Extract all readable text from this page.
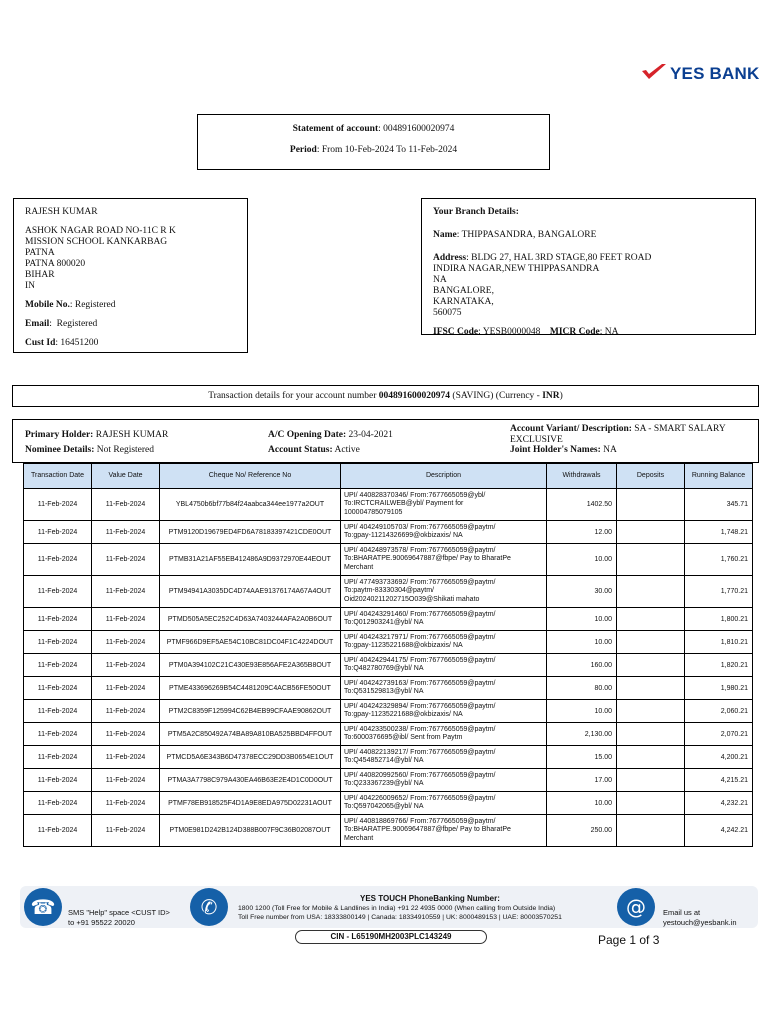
YES BANK
Statement of account: 004891600020974
Period: From 10-Feb-2024 To 11-Feb-2024
RAJESH KUMAR
ASHOK NAGAR ROAD NO-11C R K
MISSION SCHOOL KANKARBAG
PATNA
PATNA 800020
BIHAR
IN
Mobile No.: Registered
Email:  Registered
Cust Id: 16451200
Your Branch Details:
Name: THIPPASANDRA, BANGALORE
Address: BLDG 27, HAL 3RD STAGE,80 FEET ROAD
INDIRA NAGAR,NEW THIPPASANDRA
NA
BANGALORE,
KARNATAKA,
560075
IFSC Code: YESB0000048 MICR Code: NA
Transaction details for your account number 004891600020974 (SAVING) (Currency - INR)
Primary Holder: RAJESH KUMAR
Nominee Details: Not Registered
A/C Opening Date: 23-04-2021
Account Status: Active
Account Variant/ Description: SA - SMART SALARY
EXCLUSIVE
Joint Holder's Names: NA
Transaction Date	Value Date	Cheque No/ Reference No	Description	Withdrawals	Deposits	Running Balance
11-Feb-2024	11-Feb-2024	YBL4750b6bf77b84f24aabca344ee1977a2OUT	UPI/ 440828370346/ From:7677665059@ybl/
To:IRCTCRAILWEB@ybl/ Payment for
100004785079105	1402.50		345.71
11-Feb-2024	11-Feb-2024	PTM9120D19679ED4FD6A78183397421CDE0OUT	UPI/ 404249105703/ From:7677665059@paytm/
To:gpay-11214326699@okbizaxis/ NA	12.00		1,748.21
11-Feb-2024	11-Feb-2024	PTMB31A21AF55EB412486A9D9372970E44EOUT	UPI/ 404248973578/ From:7677665059@paytm/
To:BHARATPE.90069647887@fbpe/ Pay to BharatPe
Merchant	10.00		1,760.21
11-Feb-2024	11-Feb-2024	PTM94941A3035DC4D74AAE91376174A67A4OUT	UPI/ 477493733692/ From:7677665059@paytm/
To:paytm-83330304@paytm/
Oid20240211202715O039@Shikati mahato	30.00		1,770.21
11-Feb-2024	11-Feb-2024	PTMD505A5EC252C4D63A7403244AFA2A0B6OUT	UPI/ 404243291460/ From:7677665059@paytm/
To:Q012903241@ybl/ NA	10.00		1,800.21
11-Feb-2024	11-Feb-2024	PTMF966D9EF5AE54C10BC81DC04F1C4224DOUT	UPI/ 404243217971/ From:7677665059@paytm/
To:gpay-11235221688@okbizaxis/ NA	10.00		1,810.21
11-Feb-2024	11-Feb-2024	PTM0A394102C21C430E93E856AFE2A365B8OUT	UPI/ 404242944175/ From:7677665059@paytm/
To:Q482780769@ybl/ NA	160.00		1,820.21
11-Feb-2024	11-Feb-2024	PTME433696269B54C4481209C4ACB56FE50OUT	UPI/ 404242739163/ From:7677665059@paytm/
To:Q531529813@ybl/ NA	80.00		1,980.21
11-Feb-2024	11-Feb-2024	PTM2C8359F125994C62B4EB99CFAAE90862OUT	UPI/ 404242329894/ From:7677665059@paytm/
To:gpay-11235221688@okbizaxis/ NA	10.00		2,060.21
11-Feb-2024	11-Feb-2024	PTM5A2C850492A74BA89A810BA525BBD4FFOUT	UPI/ 404233500238/ From:7677665059@paytm/
To:6000376695@ibl/ Sent from Paytm	2,130.00		2,070.21
11-Feb-2024	11-Feb-2024	PTMCD5A6E343B6D47378ECC29DD3B0654E1OUT	UPI/ 440822139217/ From:7677665059@paytm/
To:Q454852714@ybl/ NA	15.00		4,200.21
11-Feb-2024	11-Feb-2024	PTMA3A7798C979A430EA46B63E2E4D1C0D0OUT	UPI/ 440820992560/ From:7677665059@paytm/
To:Q233367239@ybl/ NA	17.00		4,215.21
11-Feb-2024	11-Feb-2024	PTMF78EB918525F4D1A9E8EDA975D02231AOUT	UPI/ 404226009652/ From:7677665059@paytm/
To:Q597042065@ybl/ NA	10.00		4,232.21
11-Feb-2024	11-Feb-2024	PTM0E981D242B124D388B007F9C36B02087OUT	UPI/ 440818869766/ From:7677665059@paytm/
To:BHARATPE.90069647887@fbpe/ Pay to BharatPe
Merchant	250.00		4,242.21
☎	SMS "Help" space <CUST ID>
to +91 95522 20020
✆	YES TOUCH PhoneBanking Number:
1800 1200 (Toll Free for Mobile & Landlines in India) +91 22 4935 0000 (When calling from Outside India)
Toll Free number from USA: 18333800149 | Canada: 18334910559 | UK: 8000489153 | UAE: 80003570251	@	Email us at
yestouch@yesbank.in
CIN - L65190MH2003PLC143249	Page 1 of 3
